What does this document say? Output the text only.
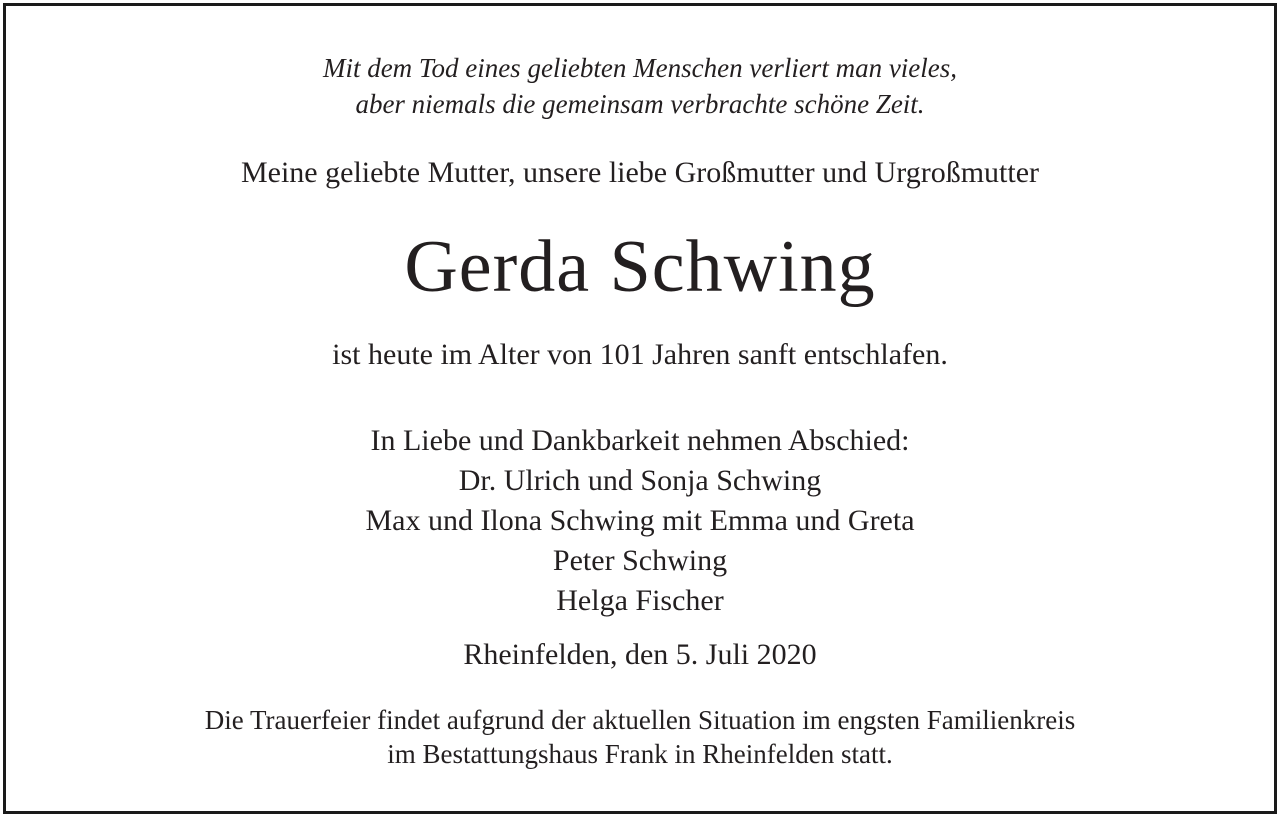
Mit dem Tod eines geliebten Menschen verliert man vieles,
aber niemals die gemeinsam verbrachte schöne Zeit.
Meine geliebte Mutter, unsere liebe Großmutter und Urgroßmutter
Gerda Schwing
ist heute im Alter von 101 Jahren sanft entschlafen.
In Liebe und Dankbarkeit nehmen Abschied:
Dr. Ulrich und Sonja Schwing
Max und Ilona Schwing mit Emma und Greta
Peter Schwing
Helga Fischer
Rheinfelden, den 5. Juli 2020
Die Trauerfeier findet aufgrund der aktuellen Situation im engsten Familienkreis
im Bestattungshaus Frank in Rheinfelden statt.
